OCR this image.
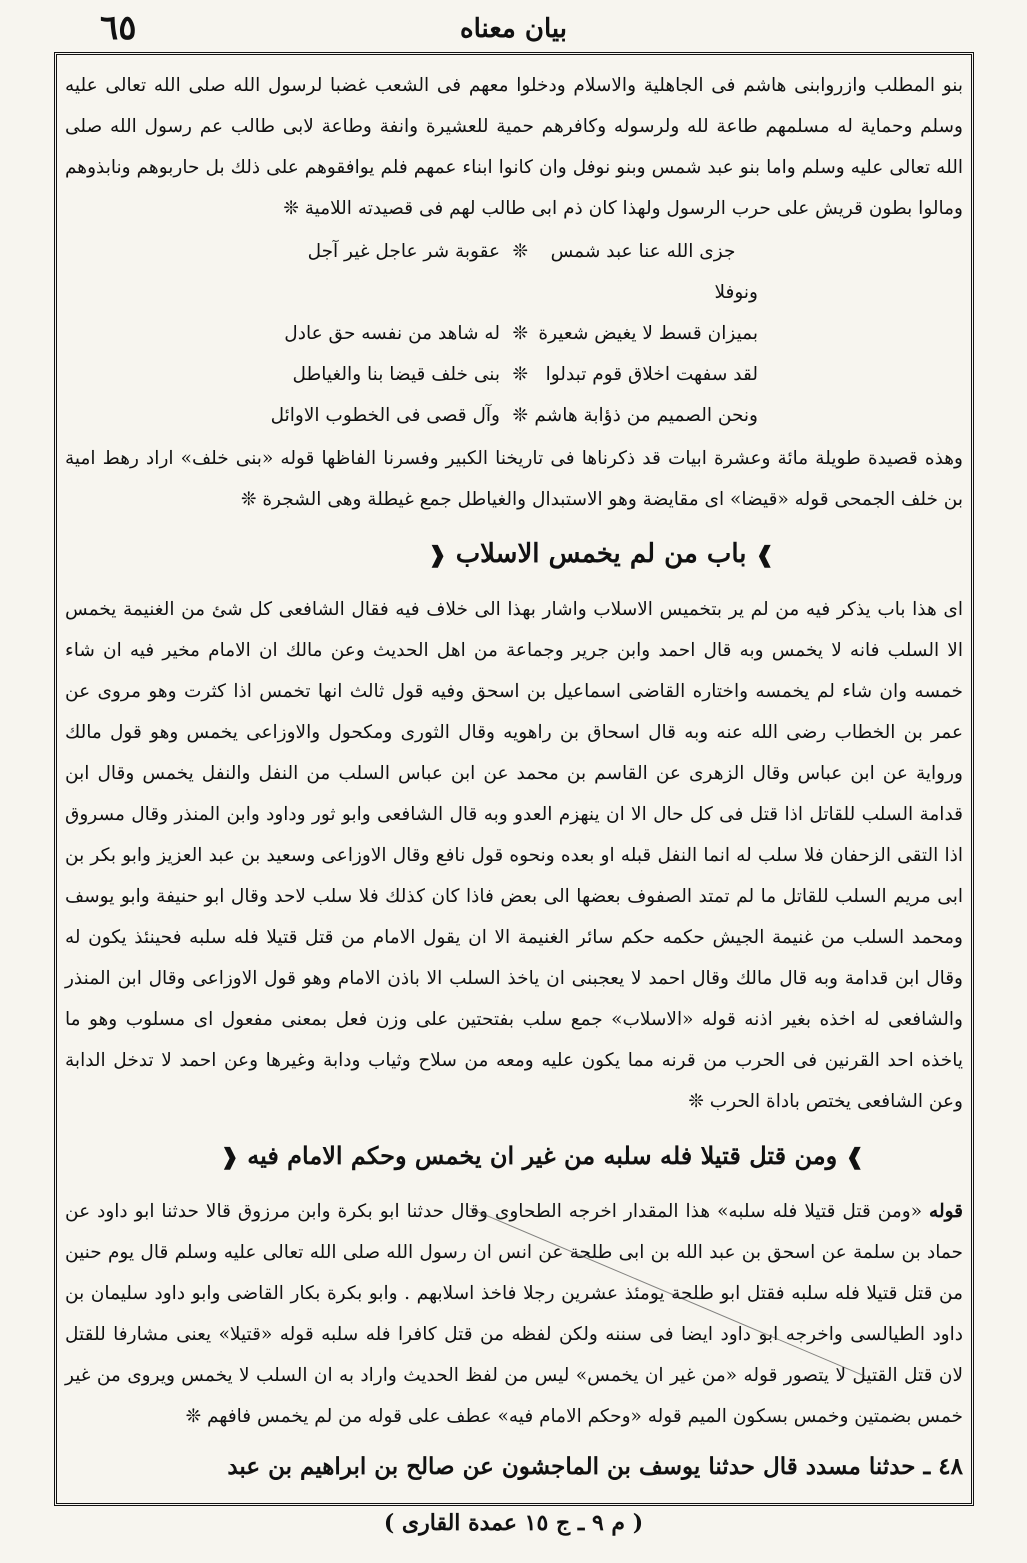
٦٥	بيان معناه

بنو المطلب وازروابنى هاشم فى الجاهلية والاسلام ودخلوا معهم فى الشعب غضبا لرسول الله صلى الله تعالى عليه وسلم وحماية له مسلمهم طاعة لله ولرسوله وكافرهم حمية للعشيرة وانفة وطاعة لابى طالب عم رسول الله صلى الله تعالى عليه وسلم واما بنو عبد شمس وبنو نوفل وان كانوا ابناء عمهم فلم يوافقوهم على ذلك بل حاربوهم ونابذوهم ومالوا بطون قريش على حرب الرسول ولهذا كان ذم ابى طالب لهم فى قصيدته اللامية ❊

جزى الله عنا عبد شمس ونوفلا
❊
عقوبة شر عاجل غير آجل
بميزان قسط لا يغيض شعيرة
❊
له شاهد من نفسه حق عادل
لقد سفهت اخلاق قوم تبدلوا
❊
بنى خلف قيضا بنا والغياطل
ونحن الصميم من ذؤابة هاشم
❊
وآل قصى فى الخطوب الاوائل

وهذه قصيدة طويلة مائة وعشرة ابيات قد ذكرناها فى تاريخنا الكبير وفسرنا الفاظها قوله «بنى خلف» اراد رهط امية بن خلف الجمحى قوله «قيضا» اى مقايضة وهو الاستبدال والغياطل جمع غيطلة وهى الشجرة ❊

❱ باب من لم يخمس الاسلاب ❰

اى هذا باب يذكر فيه من لم ير بتخميس الاسلاب واشار بهذا الى خلاف فيه فقال الشافعى كل شئ من الغنيمة يخمس الا السلب فانه لا يخمس وبه قال احمد وابن جرير وجماعة من اهل الحديث وعن مالك ان الامام مخير فيه ان شاء خمسه وان شاء لم يخمسه واختاره القاضى اسماعيل بن اسحق وفيه قول ثالث انها تخمس اذا كثرت وهو مروى عن عمر بن الخطاب رضى الله عنه وبه قال اسحاق بن راهويه وقال الثورى ومكحول والاوزاعى يخمس وهو قول مالك ورواية عن ابن عباس وقال الزهرى عن القاسم بن محمد عن ابن عباس السلب من النفل والنفل يخمس وقال ابن قدامة السلب للقاتل اذا قتل فى كل حال الا ان ينهزم العدو وبه قال الشافعى وابو ثور وداود وابن المنذر وقال مسروق اذا التقى الزحفان فلا سلب له انما النفل قبله او بعده ونحوه قول نافع وقال الاوزاعى وسعيد بن عبد العزيز وابو بكر بن ابى مريم السلب للقاتل ما لم تمتد الصفوف بعضها الى بعض فاذا كان كذلك فلا سلب لاحد وقال ابو حنيفة وابو يوسف ومحمد السلب من غنيمة الجيش حكمه حكم سائر الغنيمة الا ان يقول الامام من قتل قتيلا فله سلبه فحينئذ يكون له وقال ابن قدامة وبه قال مالك وقال احمد لا يعجبنى ان ياخذ السلب الا باذن الامام وهو قول الاوزاعى وقال ابن المنذر والشافعى له اخذه بغير اذنه قوله «الاسلاب» جمع سلب بفتحتين على وزن فعل بمعنى مفعول اى مسلوب وهو ما ياخذه احد القرنين فى الحرب من قرنه مما يكون عليه ومعه من سلاح وثياب ودابة وغيرها وعن احمد لا تدخل الدابة وعن الشافعى يختص باداة الحرب ❊

❱ ومن قتل قتيلا فله سلبه من غير ان يخمس وحكم الامام فيه ❰

قوله «ومن قتل قتيلا فله سلبه» هذا المقدار اخرجه الطحاوى وقال حدثنا ابو بكرة وابن مرزوق قالا حدثنا ابو داود عن حماد بن سلمة عن اسحق بن عبد الله بن ابى طلحة عن انس ان رسول الله صلى الله تعالى عليه وسلم قال يوم حنين من قتل قتيلا فله سلبه فقتل ابو طلحة يومئذ عشرين رجلا فاخذ اسلابهم . وابو بكرة بكار القاضى وابو داود سليمان بن داود الطيالسى واخرجه ابو داود ايضا فى سننه ولكن لفظه من قتل كافرا فله سلبه قوله «قتيلا» يعنى مشارفا للقتل لان قتل القتيل لا يتصور قوله «من غير ان يخمس» ليس من لفظ الحديث واراد به ان السلب لا يخمس ويروى من غير خمس بضمتين وخمس بسكون الميم قوله «وحكم الامام فيه» عطف على قوله من لم يخمس فافهم ❊

٤٨ ـ حدثنا مسدد قال حدثنا يوسف بن الماجشون عن صالح بن ابراهيم بن عبد
( م ٩ ـ ج ١٥ عمدة القارى )
